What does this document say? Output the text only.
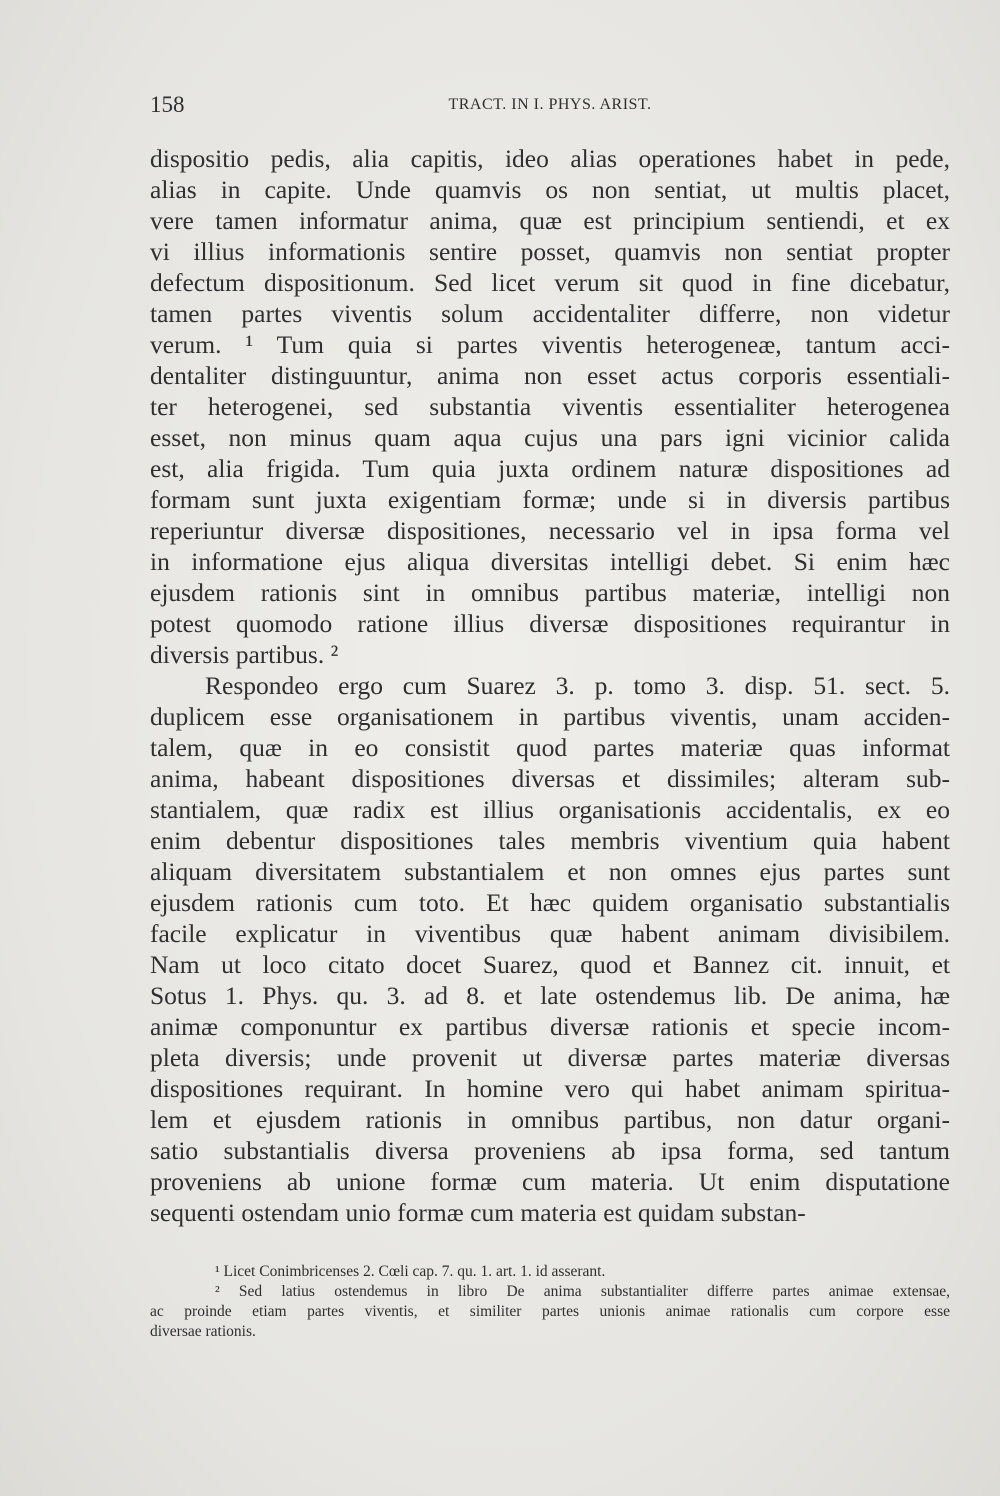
158	TRACT. IN I. PHYS. ARIST.
dispositio pedis, alia capitis, ideo alias operationes habet in pede,
alias in capite. Unde quamvis os non sentiat, ut multis placet,
vere tamen informatur anima, quæ est principium sentiendi, et ex
vi illius informationis sentire posset, quamvis non sentiat propter
defectum dispositionum. Sed licet verum sit quod in fine dicebatur,
tamen partes viventis solum accidentaliter differre, non videtur
verum. ¹ Tum quia si partes viventis heterogeneæ, tantum acci-
dentaliter distinguuntur, anima non esset actus corporis essentiali-
ter heterogenei, sed substantia viventis essentialiter heterogenea
esset, non minus quam aqua cujus una pars igni vicinior calida
est, alia frigida. Tum quia juxta ordinem naturæ dispositiones ad
formam sunt juxta exigentiam formæ; unde si in diversis partibus
reperiuntur diversæ dispositiones, necessario vel in ipsa forma vel
in informatione ejus aliqua diversitas intelligi debet. Si enim hæc
ejusdem rationis sint in omnibus partibus materiæ, intelligi non
potest quomodo ratione illius diversæ dispositiones requirantur in
diversis partibus. ²
Respondeo ergo cum Suarez 3. p. tomo 3. disp. 51. sect. 5.
duplicem esse organisationem in partibus viventis, unam acciden-
talem, quæ in eo consistit quod partes materiæ quas informat
anima, habeant dispositiones diversas et dissimiles; alteram sub-
stantialem, quæ radix est illius organisationis accidentalis, ex eo
enim debentur dispositiones tales membris viventium quia habent
aliquam diversitatem substantialem et non omnes ejus partes sunt
ejusdem rationis cum toto. Et hæc quidem organisatio substantialis
facile explicatur in viventibus quæ habent animam divisibilem.
Nam ut loco citato docet Suarez, quod et Bannez cit. innuit, et
Sotus 1. Phys. qu. 3. ad 8. et late ostendemus lib. De anima, hæ
animæ componuntur ex partibus diversæ rationis et specie incom-
pleta diversis; unde provenit ut diversæ partes materiæ diversas
dispositiones requirant. In homine vero qui habet animam spiritua-
lem et ejusdem rationis in omnibus partibus, non datur organi-
satio substantialis diversa proveniens ab ipsa forma, sed tantum
proveniens ab unione formæ cum materia. Ut enim disputatione
sequenti ostendam unio formæ cum materia est quidam substan-
¹ Licet Conimbricenses 2. Cœli cap. 7. qu. 1. art. 1. id asserant.
² Sed latius ostendemus in libro De anima substantialiter differre partes animae extensae,
ac proinde etiam partes viventis, et similiter partes unionis animae rationalis cum corpore esse
diversae rationis.
